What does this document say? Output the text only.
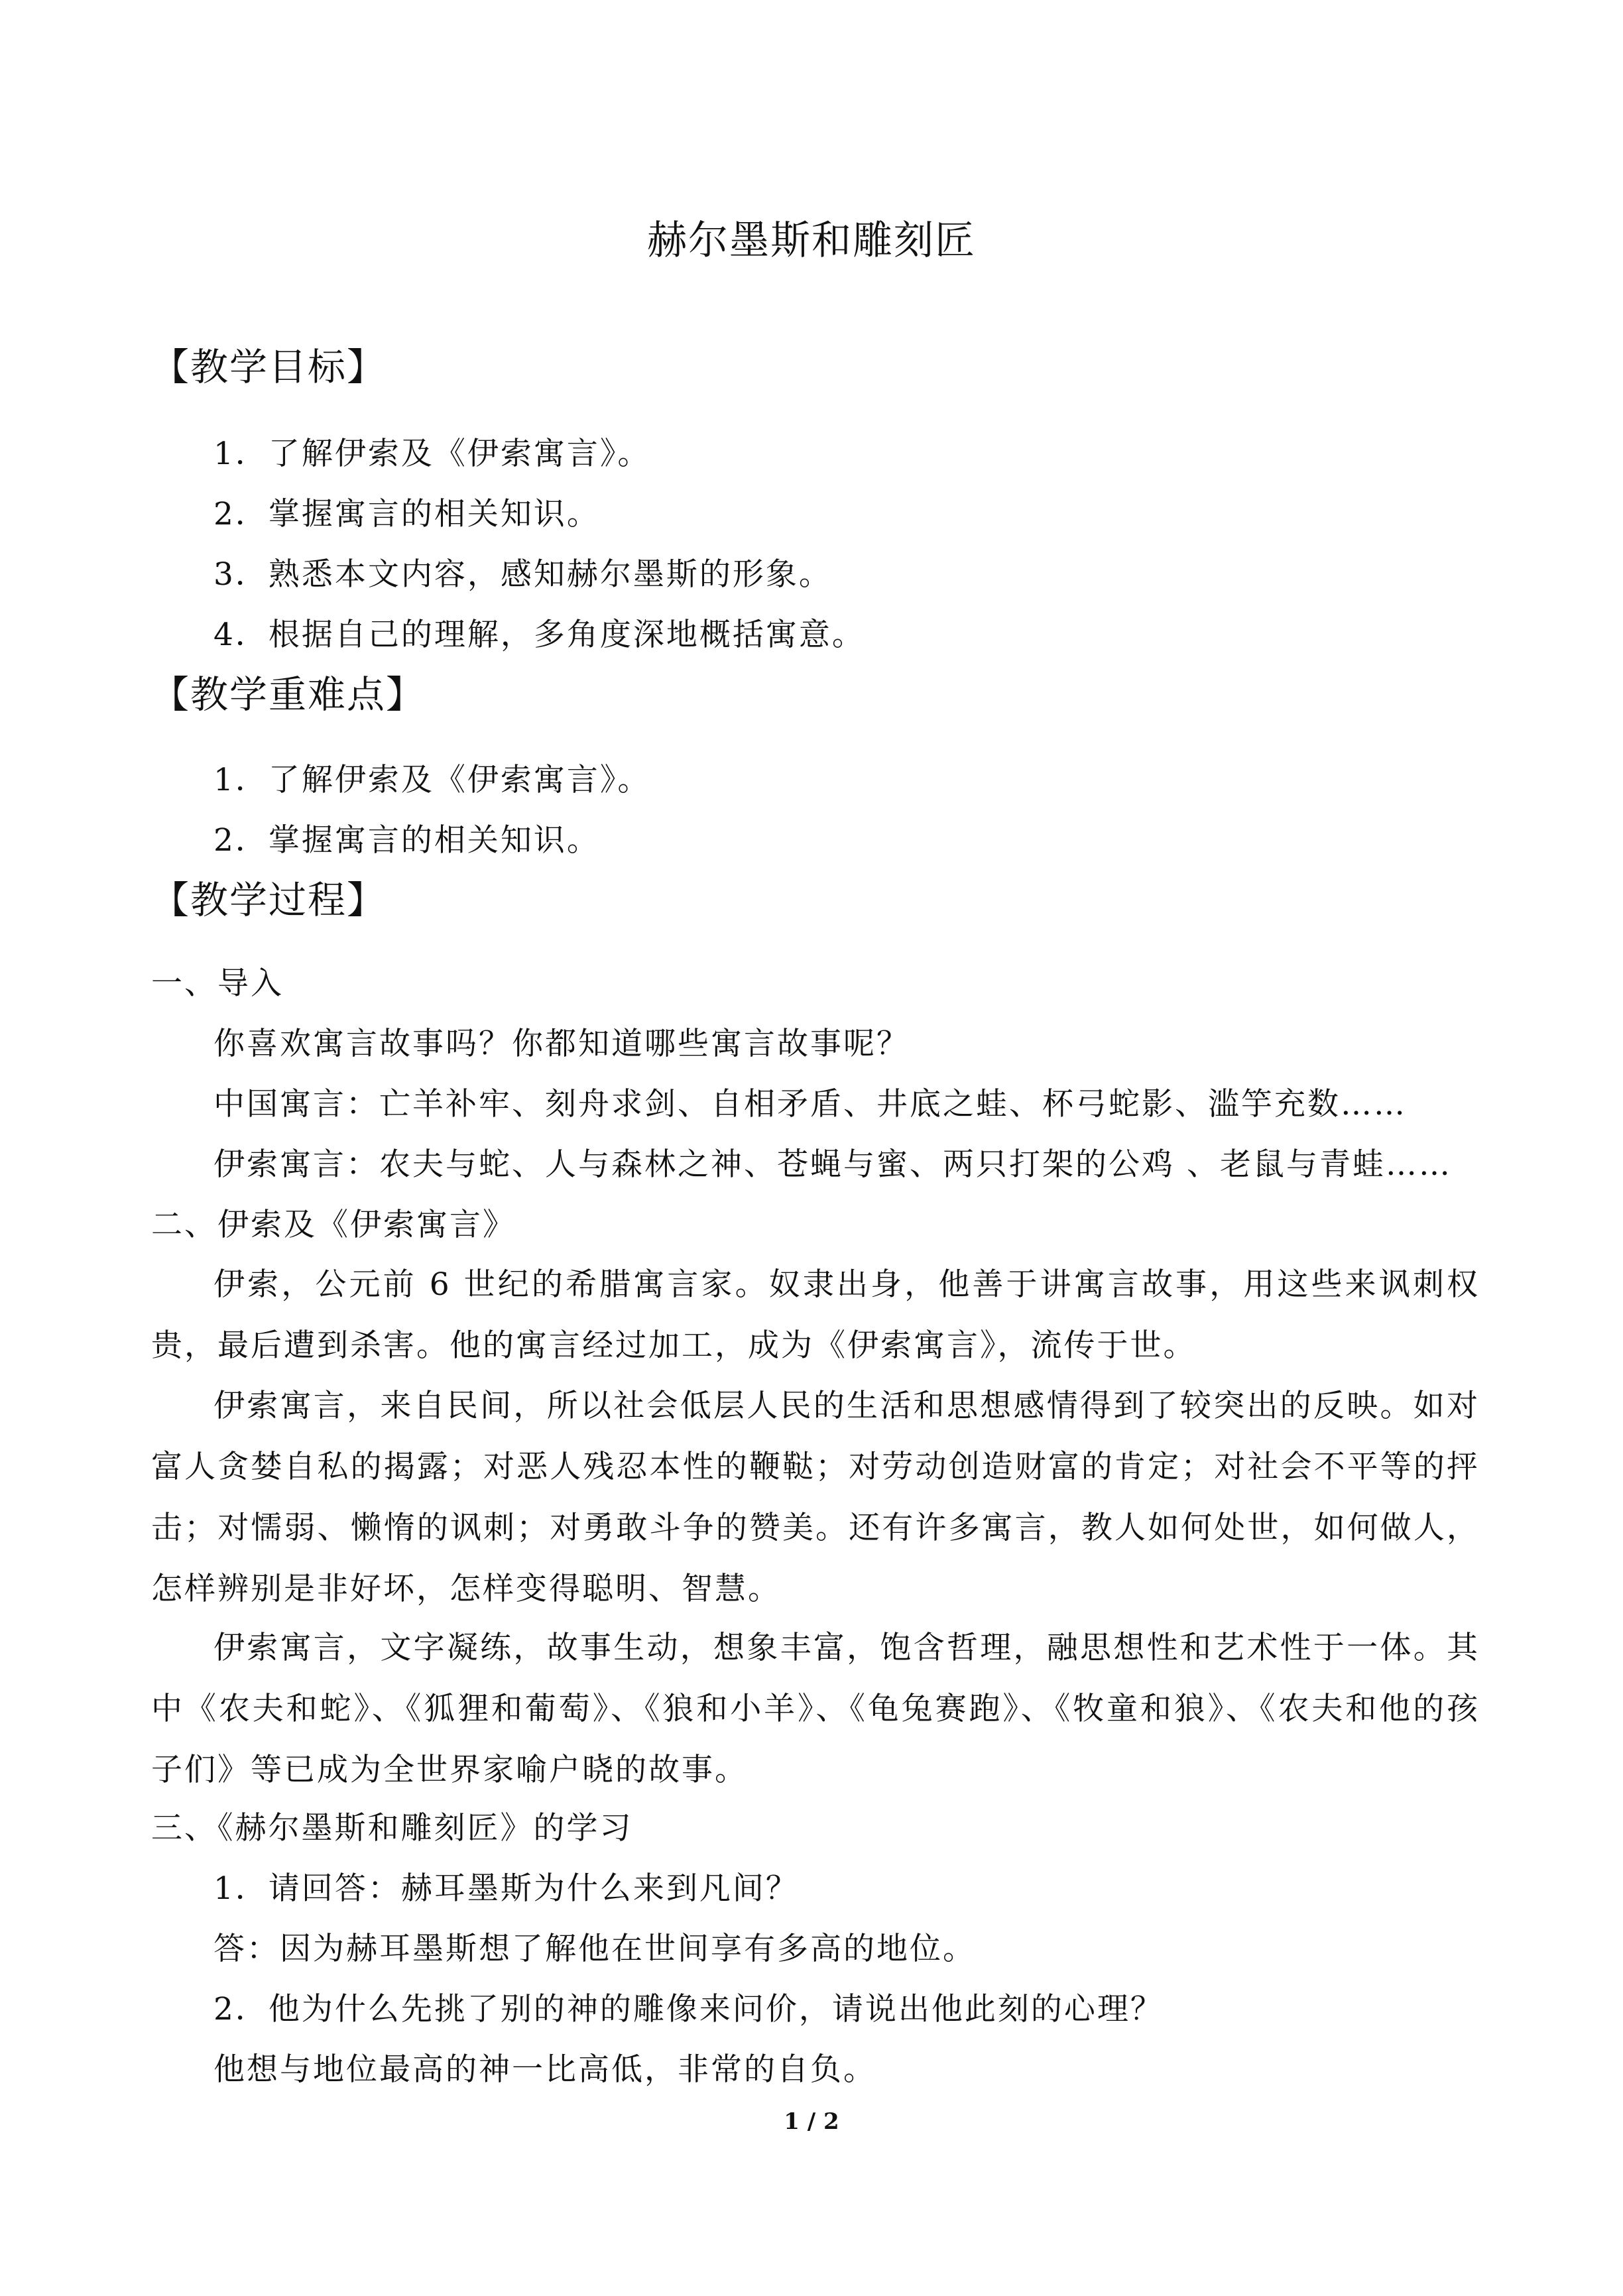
赫尔墨斯和雕刻匠
【教学目标】
1．了解伊索及《伊索寓言》。
2．掌握寓言的相关知识。
3．熟悉本文内容，感知赫尔墨斯的形象。
4．根据自己的理解，多角度深地概括寓意。
【教学重难点】
1．了解伊索及《伊索寓言》。
2．掌握寓言的相关知识。
【教学过程】
一、导入
你喜欢寓言故事吗？你都知道哪些寓言故事呢？
中国寓言：亡羊补牢、刻舟求剑、自相矛盾、井底之蛙、杯弓蛇影、滥竽充数……
伊索寓言：农夫与蛇、人与森林之神、苍蝇与蜜、两只打架的公鸡 、老鼠与青蛙……
二、伊索及《伊索寓言》
伊索，公元前 6 世纪的希腊寓言家。奴隶出身，他善于讲寓言故事，用这些来讽刺权贵，最后遭到杀害。他的寓言经过加工，成为《伊索寓言》，流传于世。
伊索寓言，来自民间，所以社会低层人民的生活和思想感情得到了较突出的反映。如对富人贪婪自私的揭露；对恶人残忍本性的鞭鞑；对劳动创造财富的肯定；对社会不平等的抨击；对懦弱、懒惰的讽刺；对勇敢斗争的赞美。还有许多寓言，教人如何处世，如何做人，怎样辨别是非好坏，怎样变得聪明、智慧。
伊索寓言，文字凝练，故事生动，想象丰富，饱含哲理，融思想性和艺术性于一体。其中《农夫和蛇》、《狐狸和葡萄》、《狼和小羊》、《龟兔赛跑》、《牧童和狼》、《农夫和他的孩子们》等已成为全世界家喻户晓的故事。
三、《赫尔墨斯和雕刻匠》的学习
1．请回答：赫耳墨斯为什么来到凡间？
答：因为赫耳墨斯想了解他在世间享有多高的地位。
2．他为什么先挑了别的神的雕像来问价，请说出他此刻的心理？
他想与地位最高的神一比高低，非常的自负。
1 / 2
